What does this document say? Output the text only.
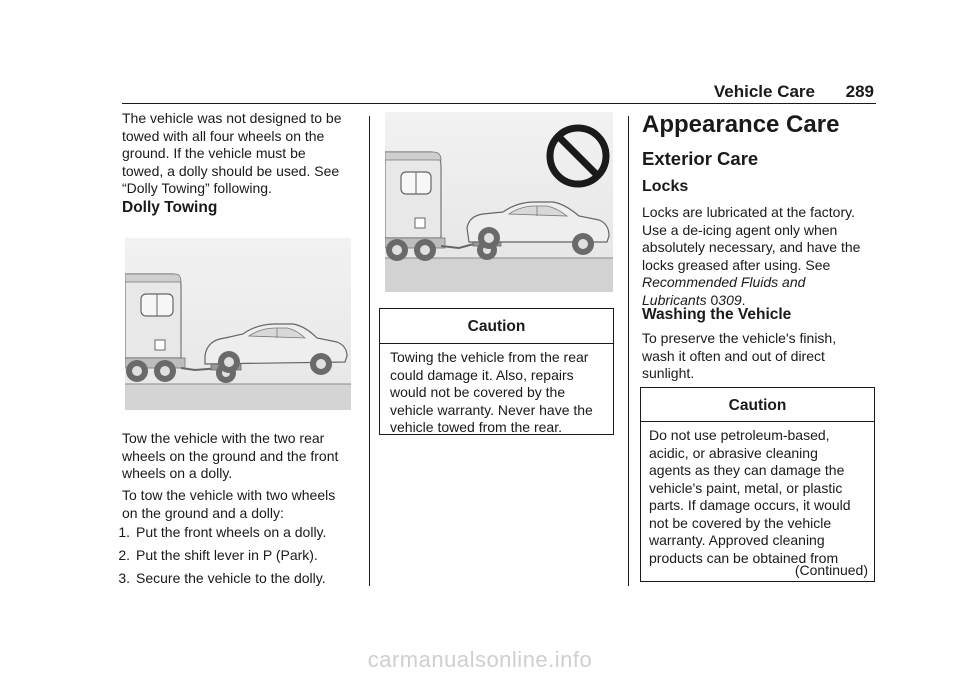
Vehicle Care 289
The vehicle was not designed to be
towed with all four wheels on the
ground. If the vehicle must be
towed, a dolly should be used. See
“Dolly Towing” following.
Dolly Towing
Tow the vehicle with the two rear
wheels on the ground and the front
wheels on a dolly.
To tow the vehicle with two wheels
on the ground and a dolly:
1. Put the front wheels on a dolly.
2. Put the shift lever in P (Park).
3. Secure the vehicle to the dolly.
Caution
Towing the vehicle from the rear
could damage it. Also, repairs
would not be covered by the
vehicle warranty. Never have the
vehicle towed from the rear.
Appearance Care
Exterior Care
Locks
Locks are lubricated at the factory.
Use a de-icing agent only when
absolutely necessary, and have the
locks greased after using. See
Recommended Fluids and
Lubricants 0309.
Washing the Vehicle
To preserve the vehicle's finish,
wash it often and out of direct
sunlight.
Caution
Do not use petroleum-based,
acidic, or abrasive cleaning
agents as they can damage the
vehicle's paint, metal, or plastic
parts. If damage occurs, it would
not be covered by the vehicle
warranty. Approved cleaning
products can be obtained from
(Continued)
carmanualsonline.info
